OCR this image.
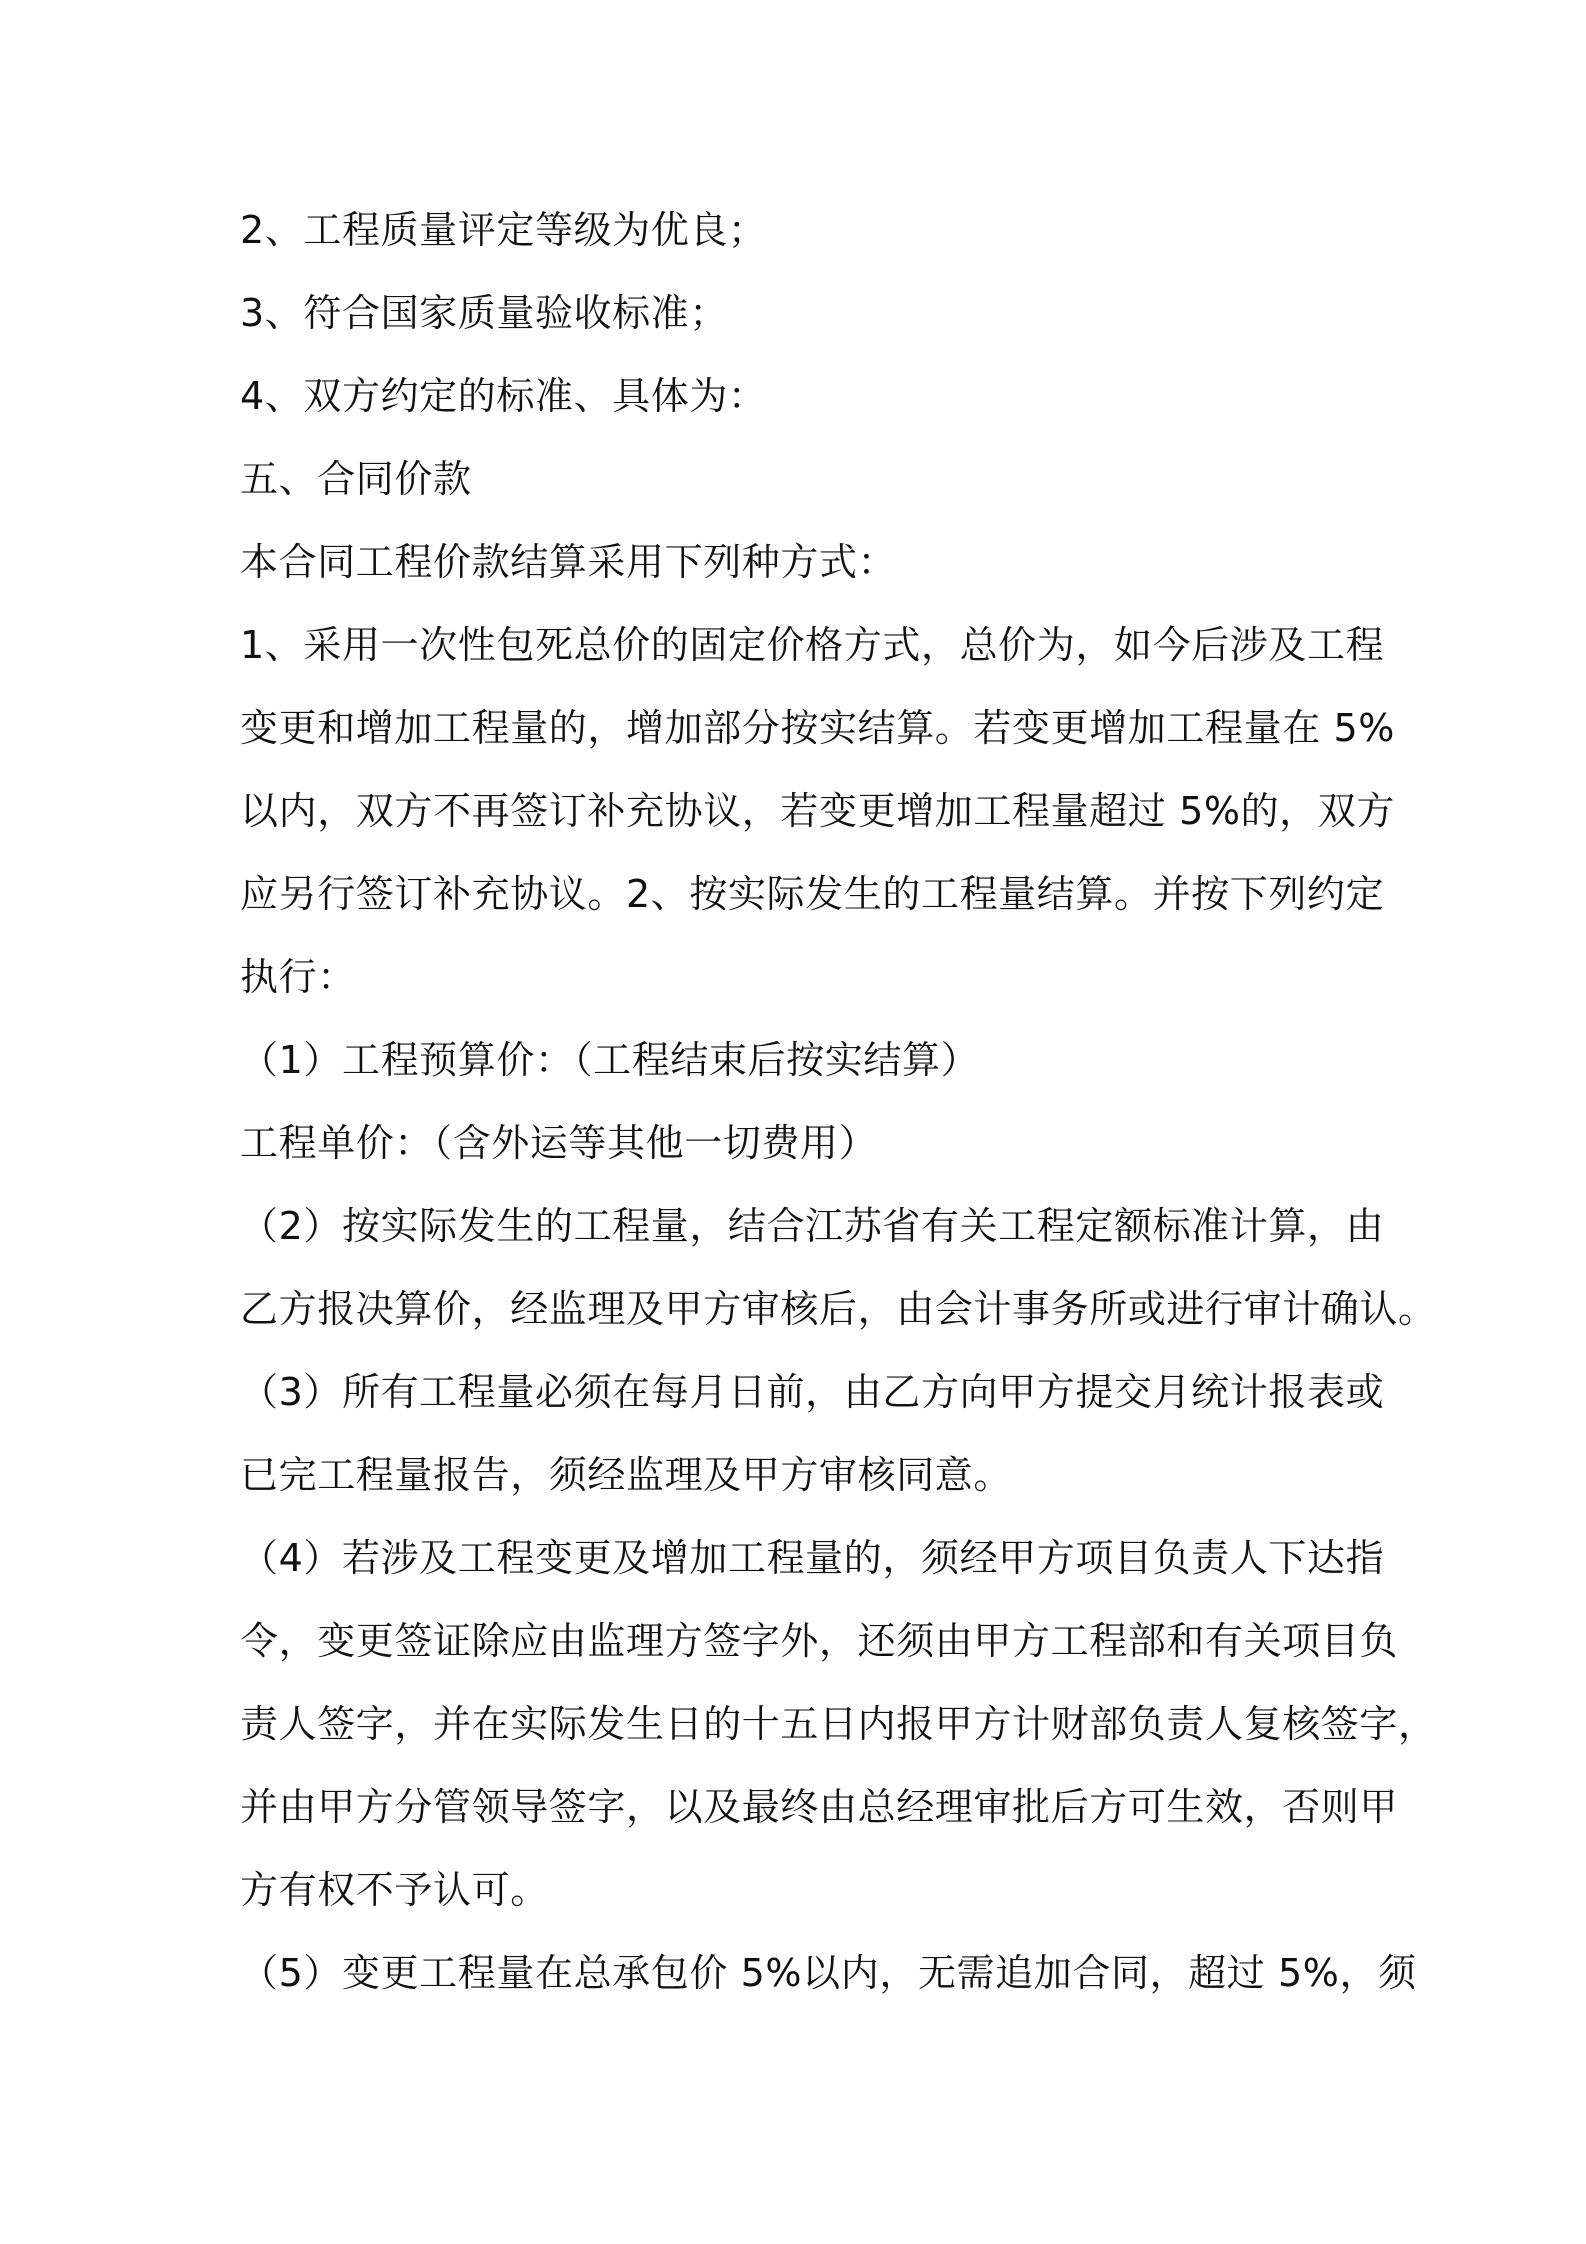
2、工程质量评定等级为优良；

3、符合国家质量验收标准；

4、双方约定的标准、具体为：

五、合同价款

本合同工程价款结算采用下列种方式：

1、采用一次性包死总价的固定价格方式，总价为，如今后涉及工程

变更和增加工程量的，增加部分按实结算。若变更增加工程量在 5%

以内，双方不再签订补充协议，若变更增加工程量超过 5%的，双方

应另行签订补充协议。2、按实际发生的工程量结算。并按下列约定

执行：

（1）工程预算价：（工程结束后按实结算）

工程单价：（含外运等其他一切费用）

（2）按实际发生的工程量，结合江苏省有关工程定额标准计算，由

乙方报决算价，经监理及甲方审核后，由会计事务所或进行审计确认。

（3）所有工程量必须在每月日前，由乙方向甲方提交月统计报表或

已完工程量报告，须经监理及甲方审核同意。

（4）若涉及工程变更及增加工程量的，须经甲方项目负责人下达指

令，变更签证除应由监理方签字外，还须由甲方工程部和有关项目负

责人签字，并在实际发生日的十五日内报甲方计财部负责人复核签字，

并由甲方分管领导签字，以及最终由总经理审批后方可生效，否则甲

方有权不予认可。

（5）变更工程量在总承包价 5%以内，无需追加合同，超过 5%，须
